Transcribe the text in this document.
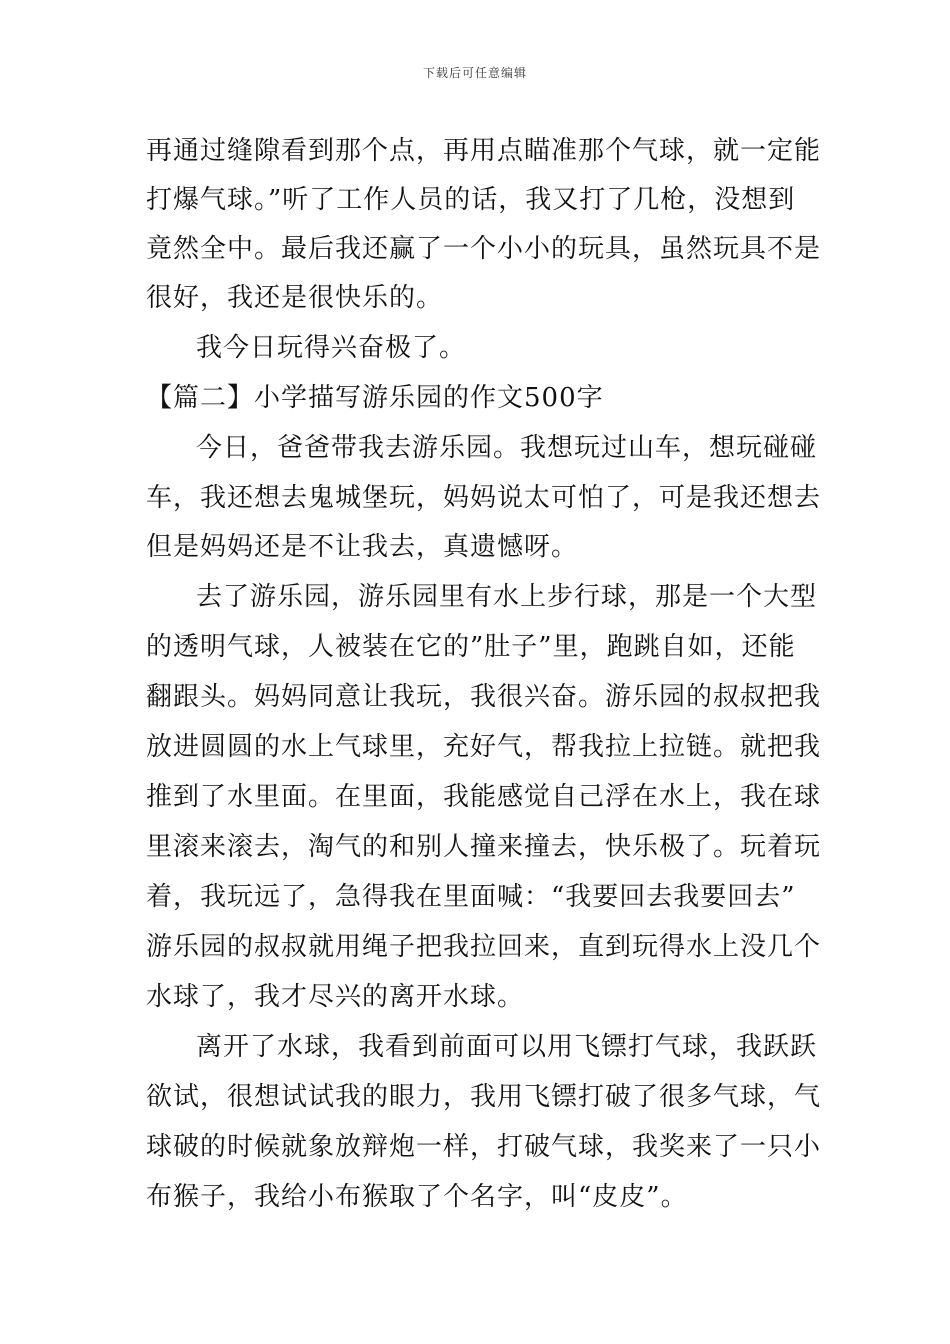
下载后可任意编辑
再通过缝隙看到那个点，再用点瞄准那个气球，就一定能
打爆气球。”听了工作人员的话，我又打了几枪，没想到
竟然全中。最后我还赢了一个小小的玩具，虽然玩具不是
很好，我还是很快乐的。
我今日玩得兴奋极了。
【篇二】小学描写游乐园的作文500字
今日，爸爸带我去游乐园。我想玩过山车，想玩碰碰
车，我还想去鬼城堡玩，妈妈说太可怕了，可是我还想去
但是妈妈还是不让我去，真遗憾呀。
去了游乐园，游乐园里有水上步行球，那是一个大型
的透明气球，人被装在它的”肚子”里，跑跳自如，还能
翻跟头。妈妈同意让我玩，我很兴奋。游乐园的叔叔把我
放进圆圆的水上气球里，充好气，帮我拉上拉链。就把我
推到了水里面。在里面，我能感觉自己浮在水上，我在球
里滚来滚去，淘气的和别人撞来撞去，快乐极了。玩着玩
着，我玩远了，急得我在里面喊：“我要回去我要回去”
游乐园的叔叔就用绳子把我拉回来，直到玩得水上没几个
水球了，我才尽兴的离开水球。
离开了水球，我看到前面可以用飞镖打气球，我跃跃
欲试，很想试试我的眼力，我用飞镖打破了很多气球，气
球破的时候就象放辩炮一样，打破气球，我奖来了一只小
布猴子，我给小布猴取了个名字，叫“皮皮”。
